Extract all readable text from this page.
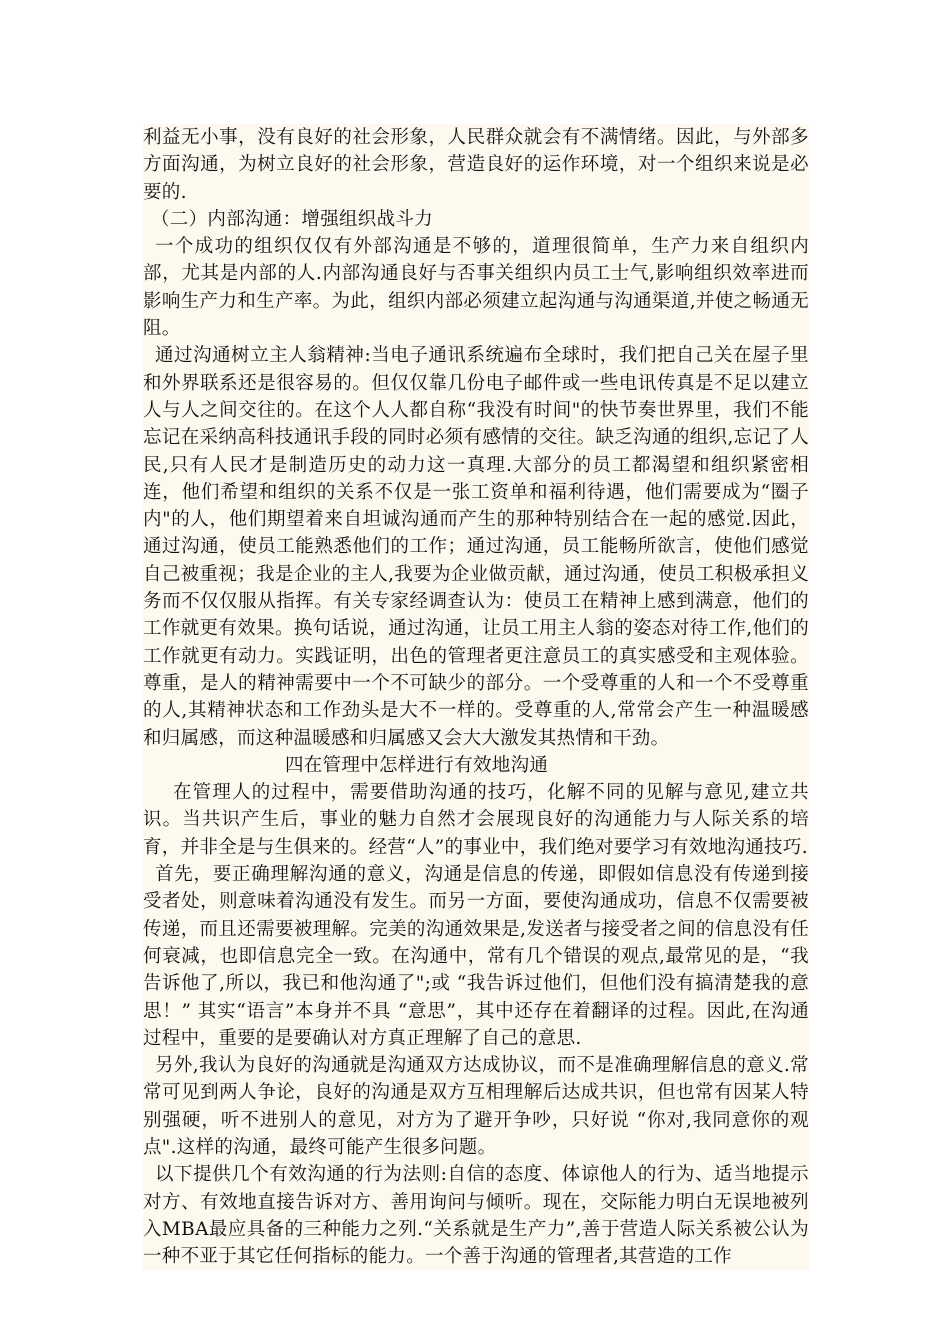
利益无小事，没有良好的社会形象，人民群众就会有不满情绪。因此，与外部多方面沟通，为树立良好的社会形象，营造良好的运作环境，对一个组织来说是必要的.

（二）内部沟通：增强组织战斗力

一个成功的组织仅仅有外部沟通是不够的，道理很简单，生产力来自组织内部，尤其是内部的人.内部沟通良好与否事关组织内员工士气,影响组织效率进而影响生产力和生产率。为此，组织内部必须建立起沟通与沟通渠道,并使之畅通无阻。

通过沟通树立主人翁精神:当电子通讯系统遍布全球时，我们把自己关在屋子里和外界联系还是很容易的。但仅仅靠几份电子邮件或一些电讯传真是不足以建立人与人之间交往的。在这个人人都自称“我没有时间"的快节奏世界里，我们不能忘记在采纳高科技通讯手段的同时必须有感情的交往。缺乏沟通的组织,忘记了人民,只有人民才是制造历史的动力这一真理.大部分的员工都渴望和组织紧密相连，他们希望和组织的关系不仅是一张工资单和福利待遇，他们需要成为“圈子内"的人，他们期望着来自坦诚沟通而产生的那种特别结合在一起的感觉.因此，通过沟通，使员工能熟悉他们的工作；通过沟通，员工能畅所欲言，使他们感觉自己被重视；我是企业的主人,我要为企业做贡献，通过沟通，使员工积极承担义务而不仅仅服从指挥。有关专家经调查认为：使员工在精神上感到满意，他们的工作就更有效果。换句话说，通过沟通，让员工用主人翁的姿态对待工作,他们的工作就更有动力。实践证明，出色的管理者更注意员工的真实感受和主观体验。尊重，是人的精神需要中一个不可缺少的部分。一个受尊重的人和一个不受尊重的人,其精神状态和工作劲头是大不一样的。受尊重的人,常常会产生一种温暖感和归属感，而这种温暖感和归属感又会大大激发其热情和干劲。

四在管理中怎样进行有效地沟通

在管理人的过程中，需要借助沟通的技巧，化解不同的见解与意见,建立共识。当共识产生后，事业的魅力自然才会展现良好的沟通能力与人际关系的培育，并非全是与生俱来的。经营“人”的事业中，我们绝对要学习有效地沟通技巧.

首先，要正确理解沟通的意义，沟通是信息的传递，即假如信息没有传递到接受者处，则意味着沟通没有发生。而另一方面，要使沟通成功，信息不仅需要被传递，而且还需要被理解。完美的沟通效果是,发送者与接受者之间的信息没有任何衰减，也即信息完全一致。在沟通中，常有几个错误的观点,最常见的是，“我告诉他了,所以，我已和他沟通了";或 “我告诉过他们，但他们没有搞清楚我的意思！” 其实“语言”本身并不具 “意思”，其中还存在着翻译的过程。因此,在沟通过程中，重要的是要确认对方真正理解了自己的意思.

另外,我认为良好的沟通就是沟通双方达成协议，而不是准确理解信息的意义.常常可见到两人争论，良好的沟通是双方互相理解后达成共识，但也常有因某人特别强硬，听不进别人的意见，对方为了避开争吵，只好说 “你对,我同意你的观点".这样的沟通，最终可能产生很多问题。

以下提供几个有效沟通的行为法则:自信的态度、体谅他人的行为、适当地提示对方、有效地直接告诉对方、善用询问与倾听。现在，交际能力明白无误地被列入MBA最应具备的三种能力之列.“关系就是生产力”,善于营造人际关系被公认为一种不亚于其它任何指标的能力。一个善于沟通的管理者,其营造的工作
